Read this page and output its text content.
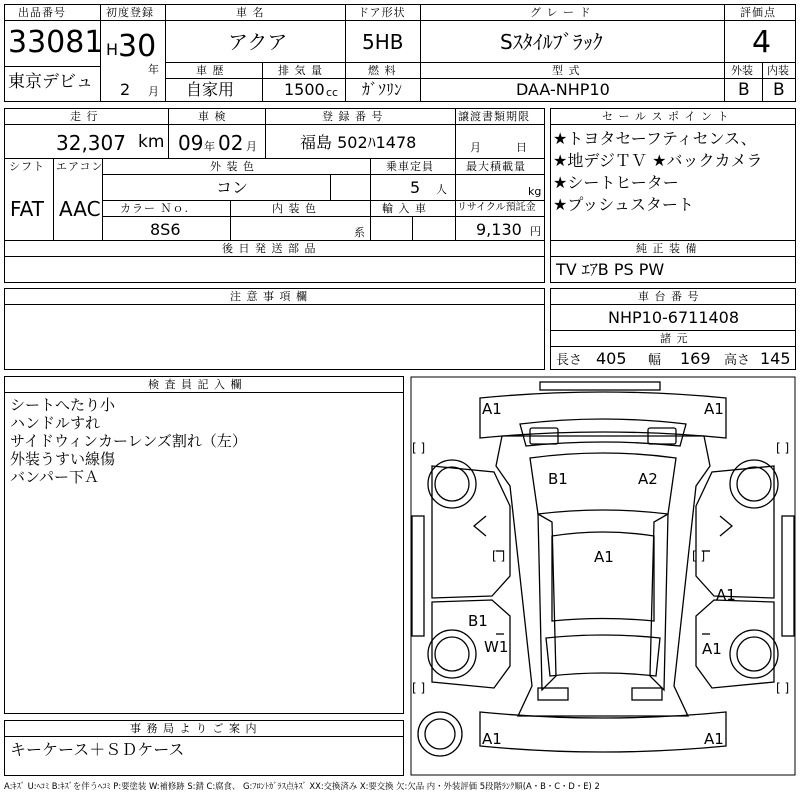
出品番号
33081
東京デビュ
初度登録
H 30
年
2 月
車 名
アクア
ドア形状
5HB
グ レ ー ド
Sｽﾀｲﾙﾌﾞﾗｯｸ
評価点
4
車 歴
自家用
排 気 量
1500 cc
燃 料
ｶﾞｿﾘﾝ
型 式
DAA-NHP10
外装
B
内装
B
走 行
32,307 km
車 検
09 年 02 月
登 録 番 号
福島 502ﾊ1478
譲渡書類期限
月	日
シフト
FAT
エアコン
AAC
外 装 色
コン
乗車定員
5 人
最大積載量
kg
カラー Ｎｏ.
8S6
内 装 色
系
輸 入 車	リサイクル預託金
9,130 円
後 日 発 送 部 品
セ ー ル ス ポ イ ン ト
★トヨタセーフティセンス、
★地デジＴＶ ★バックカメラ
★シートヒーター
★プッシュスタート
純 正 装 備
TV ｴｱB PS PW
注 意 事 項 欄	車 台 番 号
NHP10-6711408
諸 元
長さ 405 幅 169 高さ 145
検 査 員 記 入 欄
シートへたり小
ハンドルすれ
サイドウィンカーレンズ割れ（左）
外装うすい線傷
バンパー下Ａ
事 務 局 よ り ご 案 内
キーケース＋ＳＤケース
[ ]	[ ]
[ ]	[ ]
[ ]	[ ]
A1	A1
B1	A2
A1
A1
B1
W1	A1
A1	A1
A:ｷｽﾞ U:ﾍｺﾐ B:ｷｽﾞを伴うﾍｺﾐ P:要塗装 W:補修跡 S:錆 C:腐食、 G:ﾌﾛﾝﾄｶﾞﾗｽ点ｷｽﾞ XX:交換済み X:要交換 欠:欠品 内・外装評価 5段階ﾗﾝｸ順(A・B・C・D・E) 2
